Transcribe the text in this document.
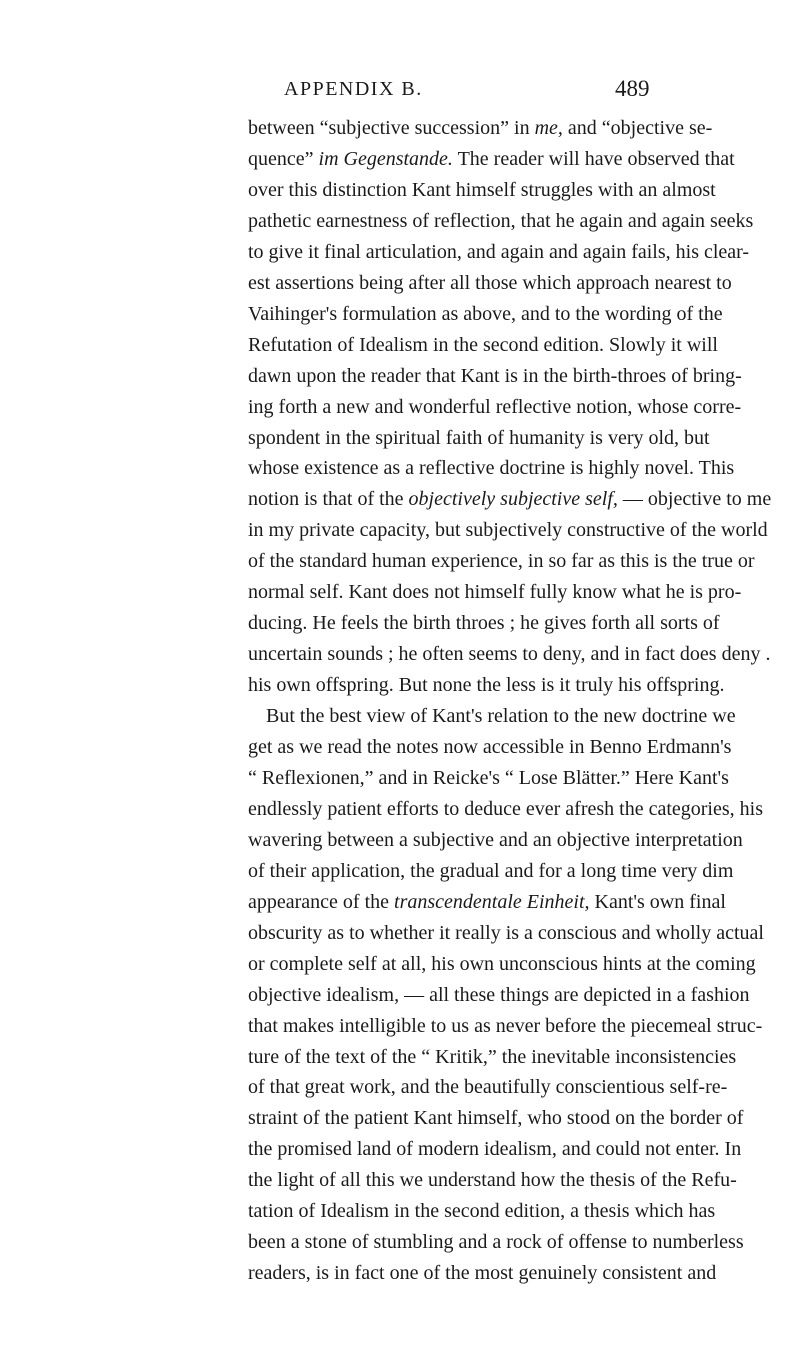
APPENDIX B.	489
between “subjective succession” in me, and “objective se-
quence” im Gegenstande. The reader will have observed that
over this distinction Kant himself struggles with an almost
pathetic earnestness of reflection, that he again and again seeks
to give it final articulation, and again and again fails, his clear-
est assertions being after all those which approach nearest to
Vaihinger's formulation as above, and to the wording of the
Refutation of Idealism in the second edition. Slowly it will
dawn upon the reader that Kant is in the birth-throes of bring-
ing forth a new and wonderful reflective notion, whose corre-
spondent in the spiritual faith of humanity is very old, but
whose existence as a reflective doctrine is highly novel. This
notion is that of the objectively subjective self, — objective to me
in my private capacity, but subjectively constructive of the world
of the standard human experience, in so far as this is the true or
normal self. Kant does not himself fully know what he is pro-
ducing. He feels the birth throes ; he gives forth all sorts of
uncertain sounds ; he often seems to deny, and in fact does deny .
his own offspring. But none the less is it truly his offspring.
But the best view of Kant's relation to the new doctrine we
get as we read the notes now accessible in Benno Erdmann's
“ Reflexionen,” and in Reicke's “ Lose Blätter.” Here Kant's
endlessly patient efforts to deduce ever afresh the categories, his
wavering between a subjective and an objective interpretation
of their application, the gradual and for a long time very dim
appearance of the transcendentale Einheit, Kant's own final
obscurity as to whether it really is a conscious and wholly actual
or complete self at all, his own unconscious hints at the coming
objective idealism, — all these things are depicted in a fashion
that makes intelligible to us as never before the piecemeal struc-
ture of the text of the “ Kritik,” the inevitable inconsistencies
of that great work, and the beautifully conscientious self-re-
straint of the patient Kant himself, who stood on the border of
the promised land of modern idealism, and could not enter. In
the light of all this we understand how the thesis of the Refu-
tation of Idealism in the second edition, a thesis which has
been a stone of stumbling and a rock of offense to numberless
readers, is in fact one of the most genuinely consistent and
